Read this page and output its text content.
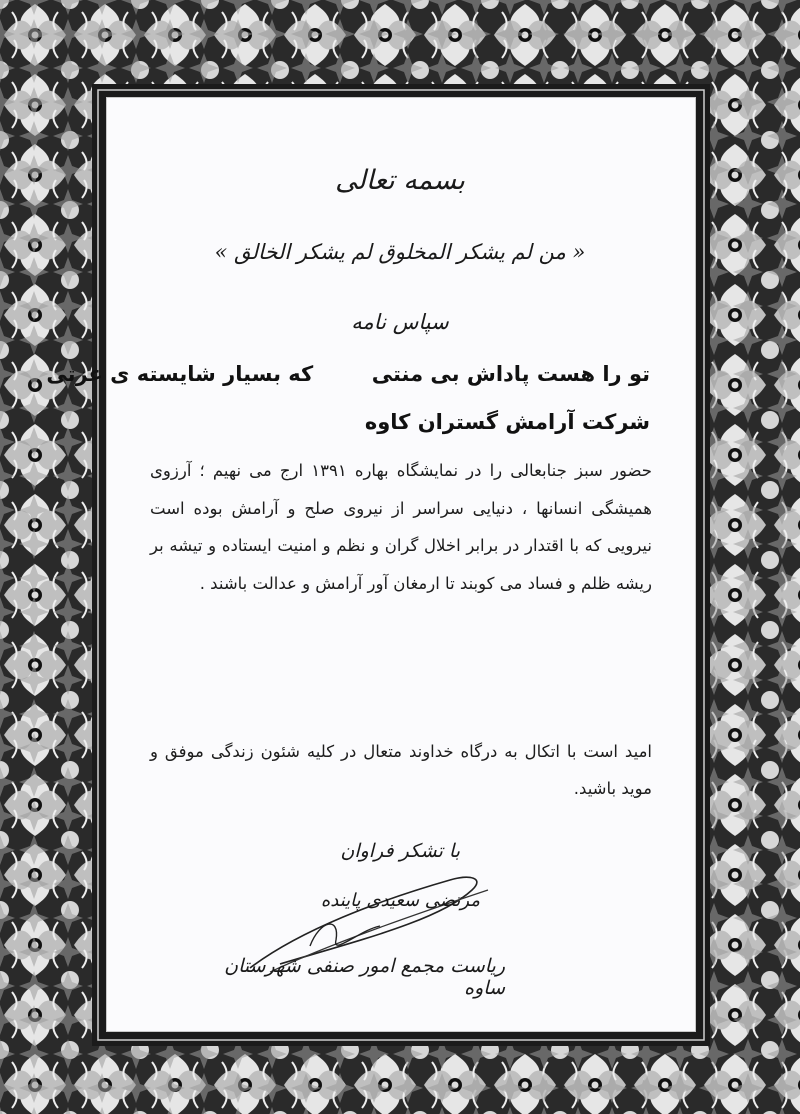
بسمه تعالی
« من لم یشکر المخلوق لم یشکر الخالق »
سپاس نامه
تو را هست پاداش بی منتی        که بسیار شایسته ی عزتی
شرکت آرامش گستران کاوه
حضور سبز جنابعالی را در نمایشگاه بهاره ۱۳۹۱ ارج می نهیم ؛ آرزوی همیشگی انسانها ، دنیایی سراسر از نیروی صلح و آرامش بوده است نیرویی که با اقتدار در برابر اخلال گران و نظم و امنیت ایستاده و تیشه بر ریشه ظلم و فساد می کوبند تا ارمغان آور آرامش و عدالت باشند .
امید است با اتکال به درگاه خداوند متعال در کلیه شئون زندگی موفق و موید باشید.
با تشکر فراوان
مرتضی سعیدی پاینده
ریاست مجمع امور صنفی شهرستان ساوه
